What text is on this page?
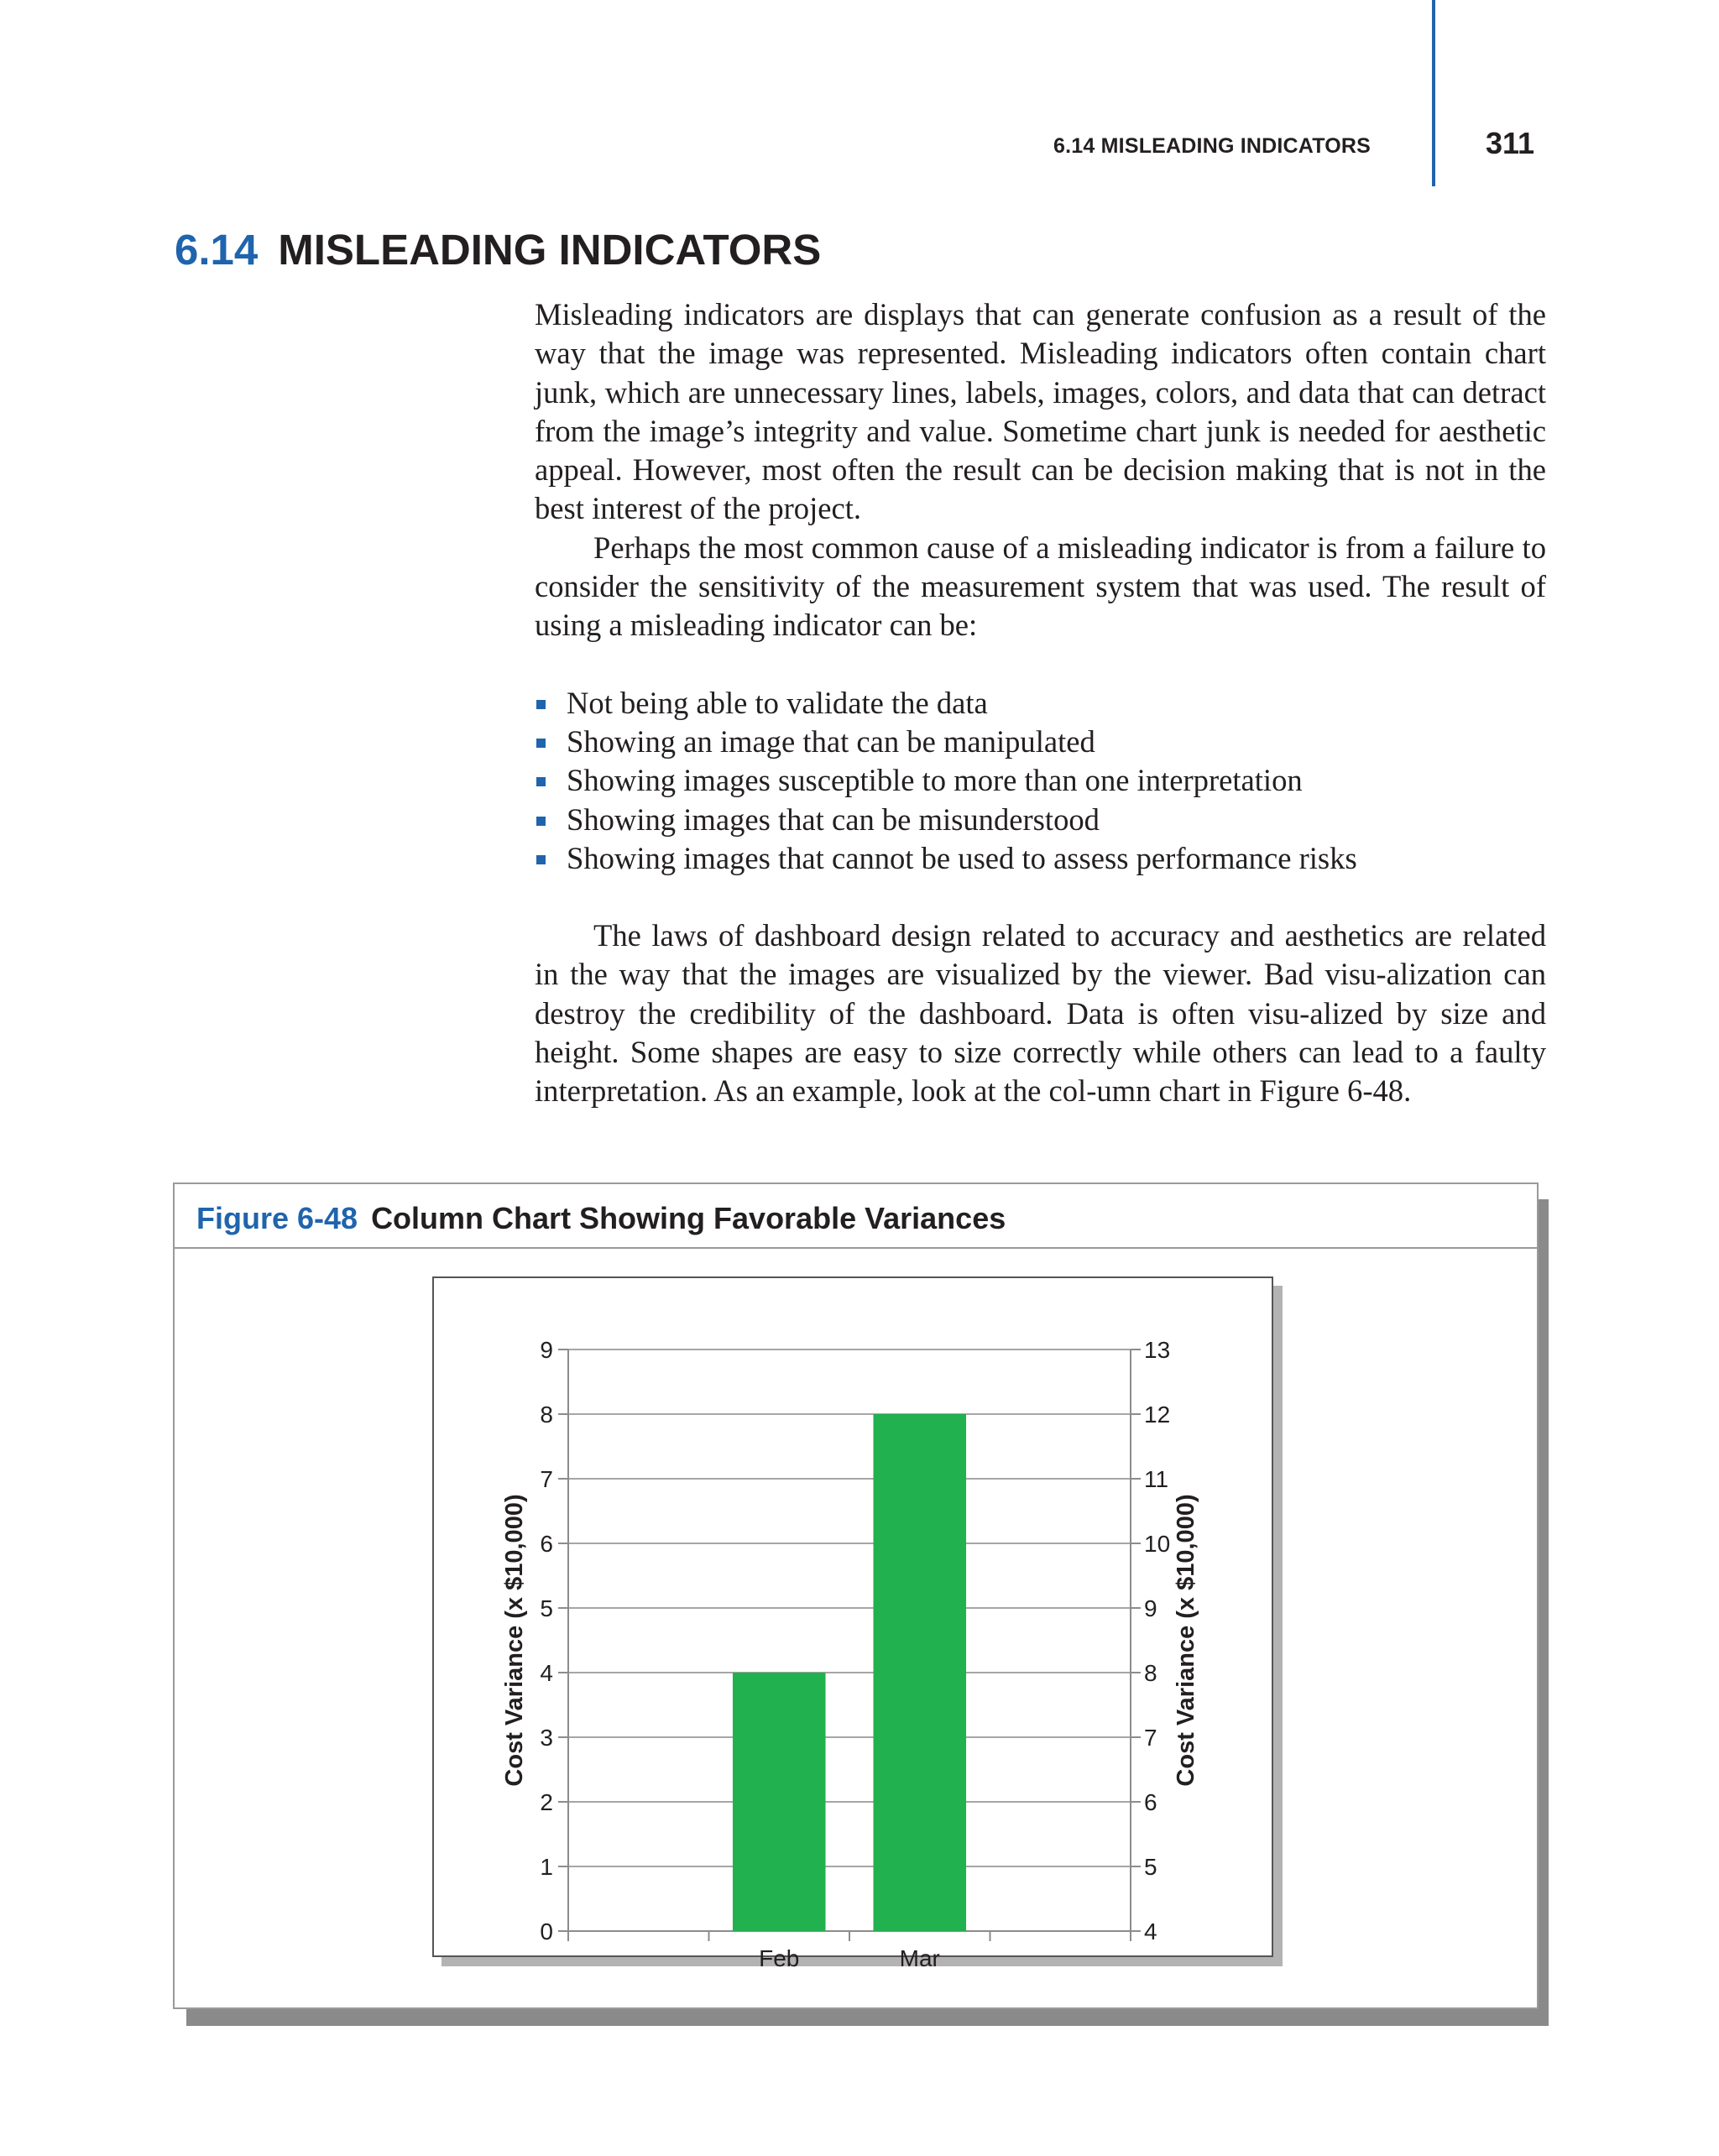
6.14 MISLEADING INDICATORS	311
6.14 MISLEADING INDICATORS

Misleading indicators are displays that can generate confusion as a result of the way that the image was represented. Misleading indicators often contain chart junk, which are unnecessary lines, labels, images, colors, and data that can detract from the image’s integrity and value. Sometime chart junk is needed for aesthetic appeal. However, most often the result can be decision making that is not in the best interest of the project.

Perhaps the most common cause of a misleading indicator is from a failure to consider the sensitivity of the measurement system that was used. The result of using a misleading indicator can be:

Not being able to validate the data
Showing an image that can be manipulated
Showing images susceptible to more than one interpretation
Showing images that can be misunderstood
Showing images that cannot be used to assess performance risks

The laws of dashboard design related to accuracy and aesthetics are related in the way that the images are visualized by the viewer. Bad visu-alization can destroy the credibility of the dashboard. Data is often visu-alized by size and height. Some shapes are easy to size correctly while others can lead to a faulty interpretation. As an example, look at the col-umn chart in Figure 6-48.

Figure 6-48 Column Chart Showing Favorable Variances
0
1
2
3
4
5
6
7
8
9
4
5
6
7
8
9
10
11
12
13
Feb	Mar
Cost Variance (x $10,000)	Cost Variance (x $10,000)
